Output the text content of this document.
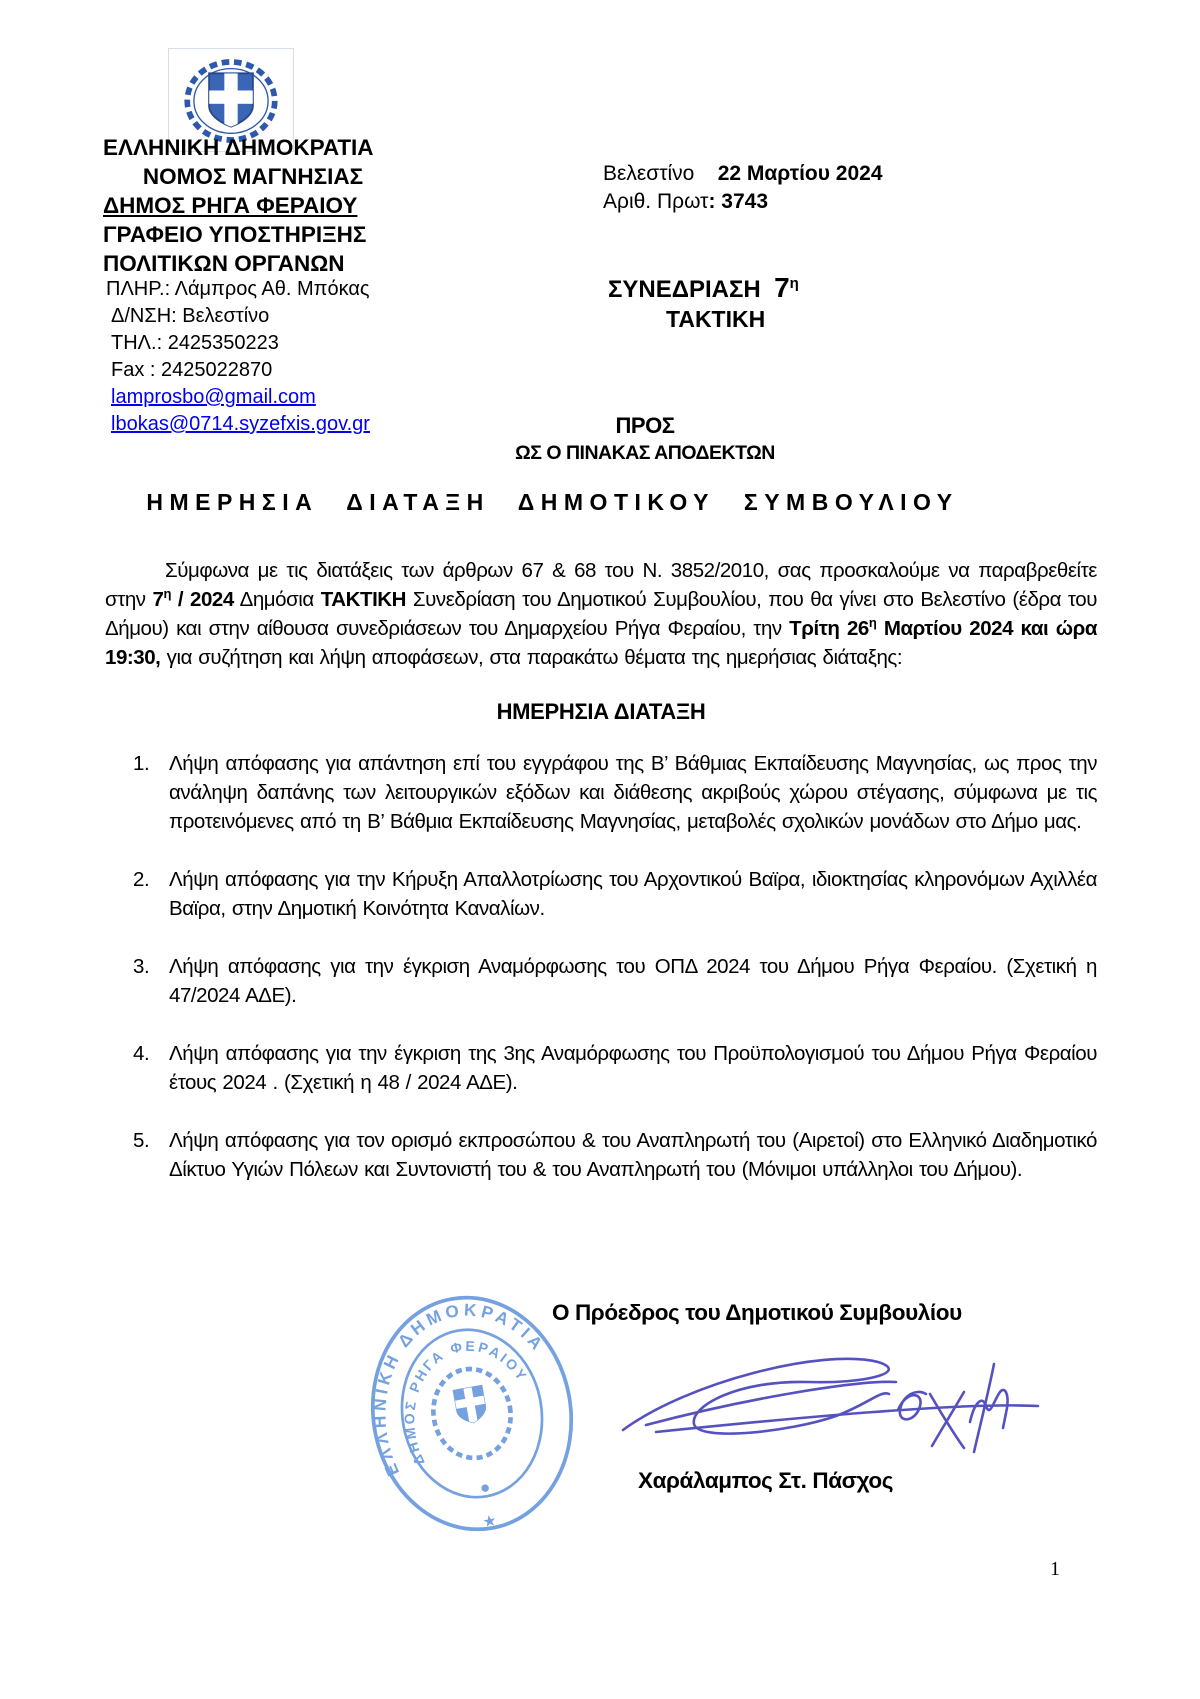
ΕΛΛΗΝΙΚΗ ΔΗΜΟΚΡΑΤΙΑ
ΝΟΜΟΣ ΜΑΓΝΗΣΙΑΣ
ΔΗΜΟΣ ΡΗΓΑ ΦΕΡΑΙΟΥ
ΓΡΑΦΕΙΟ ΥΠΟΣΤΗΡΙΞΗΣ
ΠΟΛΙΤΙΚΩΝ ΟΡΓΑΝΩΝ
ΠΛΗΡ.: Λάμπρος Αθ. Μπόκας
Δ/ΝΣΗ: Βελεστίνο
ΤΗΛ.: 2425350223
Fax : 2425022870
lamprosbo@gmail.com
lbokas@0714.syzefxis.gov.gr
Βελεστίνο 22 Μαρτίου 2024
Αριθ. Πρωτ: 3743
ΣΥΝΕΔΡΙΑΣΗ $7^\eta$
ΤΑΚΤΙΚΗ
ΠΡΟΣ
ΩΣ Ο ΠΙΝΑΚΑΣ ΑΠΟΔΕΚΤΩΝ
ΗΜΕΡΗΣΙΑ ΔΙΑΤΑΞΗ ΔΗΜΟΤΙΚΟΥ ΣΥΜΒΟΥΛΙΟΥ

Σύμφωνα με τις διατάξεις των άρθρων 67 & 68 του Ν. 3852/2010, σας προσκαλούμε να παραβρεθείτε στην $7^\eta / 2024$ Δημόσια ΤΑΚΤΙΚΗ Συνεδρίαση του Δημοτικού Συμβουλίου, που θα γίνει στο Βελεστίνο (έδρα του Δήμου) και στην αίθουσα συνεδριάσεων του Δημαρχείου Ρήγα Φεραίου, την Τρίτη $26^\eta$ Μαρτίου 2024 και ώρα 19:30, για συζήτηση και λήψη αποφάσεων, στα παρακάτω θέματα της ημερήσιας διάταξης:

ΗΜΕΡΗΣΙΑ ΔΙΑΤΑΞΗ
1. Λήψη απόφασης για απάντηση επί του εγγράφου της Β’ Βάθμιας Εκπαίδευσης Μαγνησίας, ως προς την ανάληψη δαπάνης των λειτουργικών εξόδων και διάθεσης ακριβούς χώρου στέγασης, σύμφωνα με τις προτεινόμενες από τη Β’ Βάθμια Εκπαίδευσης Μαγνησίας, μεταβολές σχολικών μονάδων στο Δήμο μας.
2. Λήψη απόφασης για την Κήρυξη Απαλλοτρίωσης του Αρχοντικού Βαϊρα, ιδιοκτησίας κληρονόμων Αχιλλέα Βαϊρα, στην Δημοτική Κοινότητα Καναλίων.
3. Λήψη απόφασης για την έγκριση Αναμόρφωσης του ΟΠΔ 2024 του Δήμου Ρήγα Φεραίου. (Σχετική η 47/2024 ΑΔΕ).
4. Λήψη απόφασης για την έγκριση της 3ης Αναμόρφωσης του Προϋπολογισμού του Δήμου Ρήγα Φεραίου έτους 2024 . (Σχετική η 48 / 2024 ΑΔΕ).
5. Λήψη απόφασης για τον ορισμό εκπροσώπου & του Αναπληρωτή του (Αιρετοί) στο Ελληνικό Διαδημοτικό Δίκτυο Υγιών Πόλεων και Συντονιστή του & του Αναπληρωτή του (Μόνιμοι υπάλληλοι του Δήμου).
ΕΛΛΗΝΙΚΗ ΔΗΜΟΚΡΑΤΙΑ
ΔΗΜΟΣ ΡΗΓΑ ΦΕΡΑΙΟΥ
★
Ο Πρόεδρος του Δημοτικού Συμβουλίου
Χαράλαμπος Στ. Πάσχος
1
